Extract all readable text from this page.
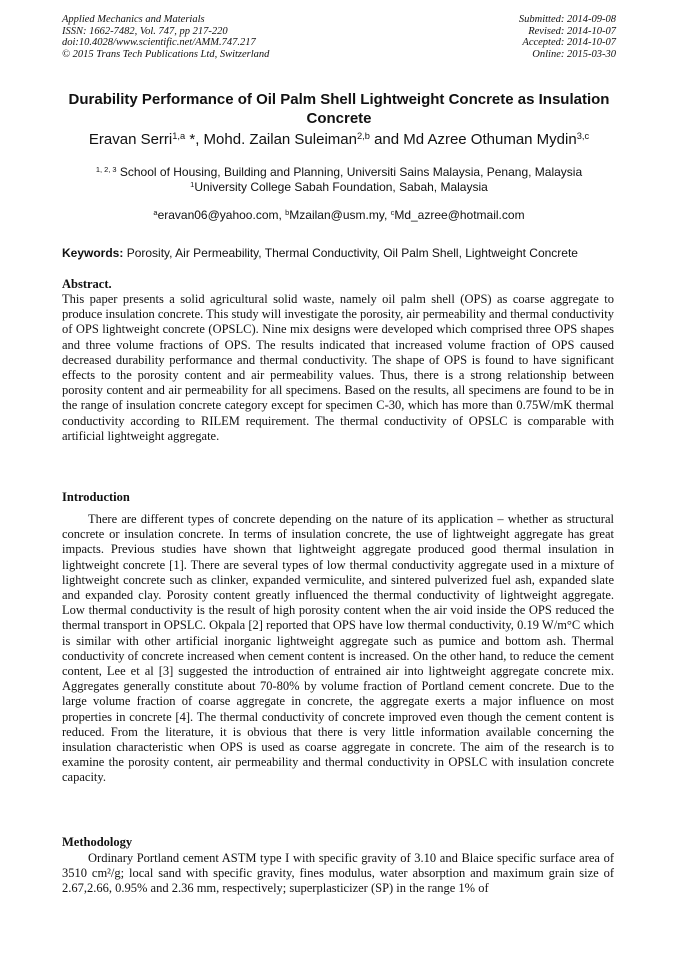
Applied Mechanics and Materials
ISSN: 1662-7482, Vol. 747, pp 217-220
doi:10.4028/www.scientific.net/AMM.747.217
© 2015 Trans Tech Publications Ltd, Switzerland
Submitted: 2014-09-08
Revised: 2014-10-07
Accepted: 2014-10-07
Online: 2015-03-30
Durability Performance of Oil Palm Shell Lightweight Concrete as Insulation Concrete
Eravan Serri$^{1,a}$ *, Mohd. Zailan Suleiman$^{2,b}$ and Md Azree Othuman Mydin$^{3,c}$
$^{1, 2, 3}$ School of Housing, Building and Planning, Universiti Sains Malaysia, Penang, Malaysia
$^1$University College Sabah Foundation, Sabah, Malaysia
$^a$eravan06@yahoo.com, $^b$Mzailan@usm.my, $^c$Md_azree@hotmail.com
Keywords: Porosity, Air Permeability, Thermal Conductivity, Oil Palm Shell, Lightweight Concrete
Abstract.

This paper presents a solid agricultural solid waste, namely oil palm shell (OPS) as coarse aggregate to produce insulation concrete. This study will investigate the porosity, air permeability and thermal conductivity of OPS lightweight concrete (OPSLC). Nine mix designs were developed which comprised three OPS shapes and three volume fractions of OPS. The results indicated that increased volume fraction of OPS caused decreased durability performance and thermal conductivity. The shape of OPS is found to have significant effects to the porosity content and air permeability values. Thus, there is a strong relationship between porosity content and air permeability for all specimens. Based on the results, all specimens are found to be in the range of insulation concrete category except for specimen C-30, which has more than 0.75W/mK thermal conductivity according to RILEM requirement. The thermal conductivity of OPSLC is comparable with artificial lightweight aggregate.

Introduction

There are different types of concrete depending on the nature of its application – whether as structural concrete or insulation concrete. In terms of insulation concrete, the use of lightweight aggregate has great impacts. Previous studies have shown that lightweight aggregate produced good thermal insulation in lightweight concrete [1]. There are several types of low thermal conductivity aggregate used in a mixture of lightweight concrete such as clinker, expanded vermiculite, and sintered pulverized fuel ash, expanded slate and expanded clay. Porosity content greatly influenced the thermal conductivity of lightweight aggregate. Low thermal conductivity is the result of high porosity content when the air void inside the OPS reduced the thermal transport in OPSLC. Okpala [2] reported that OPS have low thermal conductivity, 0.19 W/m°C which is similar with other artificial inorganic lightweight aggregate such as pumice and bottom ash. Thermal conductivity of concrete increased when cement content is increased. On the other hand, to reduce the cement content, Lee et al [3] suggested the introduction of entrained air into lightweight aggregate concrete mix. Aggregates generally constitute about 70-80% by volume fraction of Portland cement concrete. Due to the large volume fraction of coarse aggregate in concrete, the aggregate exerts a major influence on most properties in concrete [4]. The thermal conductivity of concrete improved even though the cement content is reduced. From the literature, it is obvious that there is very little information available concerning the insulation characteristic when OPS is used as coarse aggregate in concrete. The aim of the research is to examine the porosity content, air permeability and thermal conductivity in OPSLC with insulation concrete capacity.

Methodology

Ordinary Portland cement ASTM type I with specific gravity of 3.10 and Blaice specific surface area of 3510 cm²/g; local sand with specific gravity, fines modulus, water absorption and maximum grain size of 2.67,2.66, 0.95% and 2.36 mm, respectively; superplasticizer (SP) in the range 1% of
